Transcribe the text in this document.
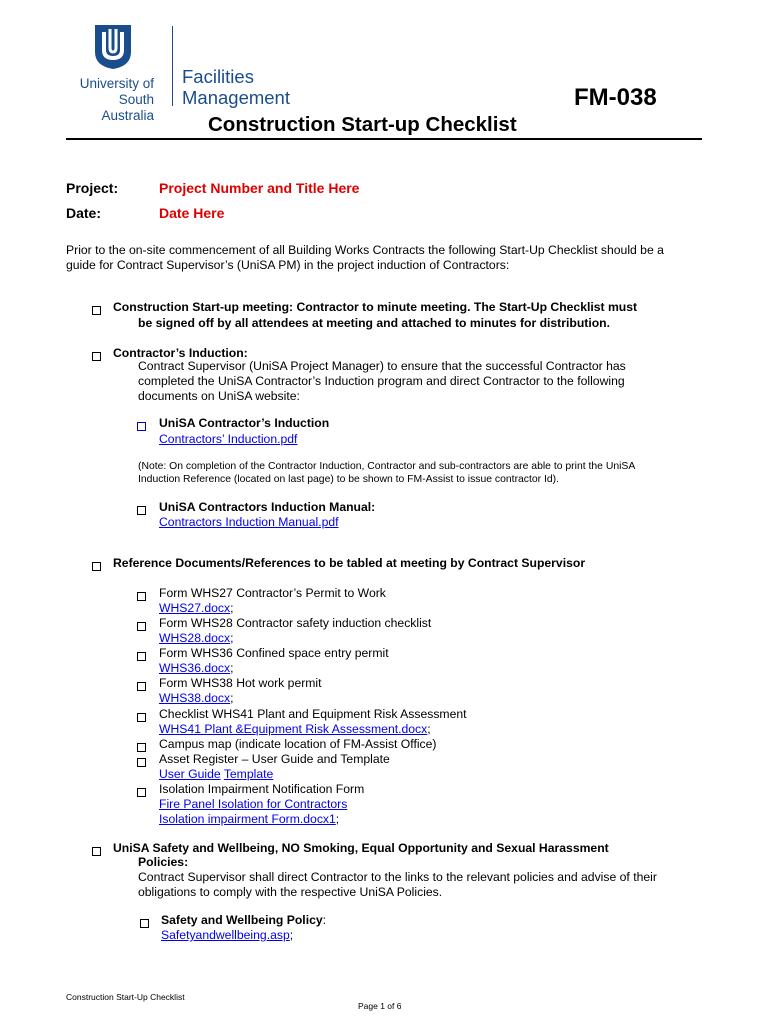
University of
South Australia
Facilities
Management	FM-038
Construction Start-up Checklist
Project:	Project Number and Title Here
Date:	Date Here
Prior to the on-site commencement of all Building Works Contracts the following Start-Up Checklist should be a
guide for Contract Supervisor’s (UniSA PM) in the project induction of Contractors:
Construction Start-up meeting: Contractor to minute meeting. The Start-Up Checklist must
be signed off by all attendees at meeting and attached to minutes for distribution.
Contractor’s Induction:
Contract Supervisor (UniSA Project Manager) to ensure that the successful Contractor has
completed the UniSA Contractor’s Induction program and direct Contractor to the following
documents on UniSA website:
UniSA Contractor’s Induction
Contractors’ Induction.pdf
(Note: On completion of the Contractor Induction, Contractor and sub-contractors are able to print the UniSA
Induction Reference (located on last page) to be shown to FM-Assist to issue contractor Id).
UniSA Contractors Induction Manual:
Contractors Induction Manual.pdf
Reference Documents/References to be tabled at meeting by Contract Supervisor
Form WHS27 Contractor’s Permit to Work
WHS27.docx;
Form WHS28 Contractor safety induction checklist
WHS28.docx;
Form WHS36 Confined space entry permit
WHS36.docx;
Form WHS38 Hot work permit
WHS38.docx;
Checklist WHS41 Plant and Equipment Risk Assessment
WHS41 Plant &Equipment Risk Assessment.docx;
Campus map (indicate location of FM-Assist Office)
Asset Register – User Guide and Template
User Guide Template
Isolation Impairment Notification Form
Fire Panel Isolation for Contractors
Isolation impairment Form.docx1;
UniSA Safety and Wellbeing, NO Smoking, Equal Opportunity and Sexual Harassment
Policies:
Contract Supervisor shall direct Contractor to the links to the relevant policies and advise of their
obligations to comply with the respective UniSA Policies.
Safety and Wellbeing Policy:
Safetyandwellbeing.asp;
Construction Start-Up Checklist
Page 1 of 6
